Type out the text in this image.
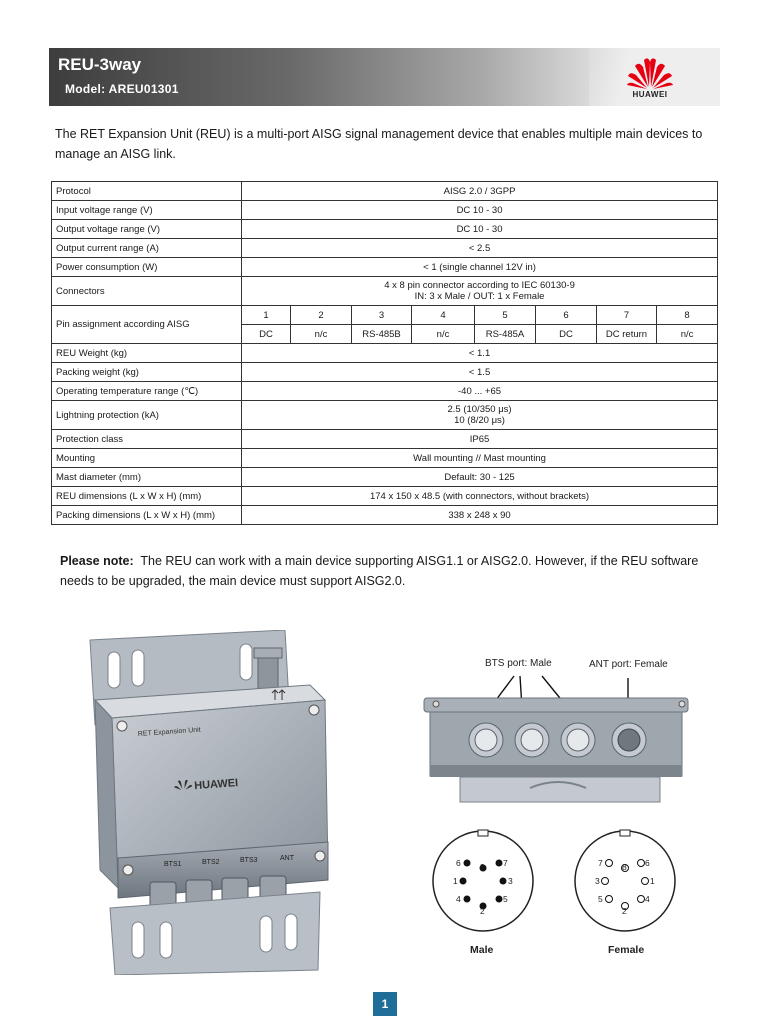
REU-3way
Model: AREU01301	HUAWEI
The RET Expansion Unit (REU) is a multi-port AISG signal management device that enables multiple main devices to manage an AISG link.
Protocol	AISG 2.0 / 3GPP							
Input voltage range (V)	DC 10 - 30							
Output voltage range (V)	DC 10 - 30							
Output current range (A)	< 2.5							
Power consumption (W)	< 1 (single channel 12V in)							
Connectors	4 x 8 pin connector according to IEC 60130-9
IN: 3 x Male / OUT: 1 x Female							

Pin assignment according AISG	1	2	3	4	5	6	7	8
	DC	n/c	RS-485B	n/c	RS-485A	DC	DC return	n/c
REU Weight (kg)	< 1.1							
Packing weight (kg)	< 1.5							
Operating temperature range (℃)	-40 ... +65							
Lightning protection (kA)	2.5 (10/350 μs)
10 (8/20 μs)							

Protection class	IP65							
Mounting	Wall mounting // Mast mounting							
Mast diameter (mm)	Default: 30 - 125							
REU dimensions (L x W x H) (mm)	174 x 150 x 48.5 (with connectors, without brackets)							
Packing dimensions (L x W x H) (mm)	338 x 248 x 90							
Please note: The REU can work with a main device supporting AISG1.1 or AISG2.0. However, if the REU software needs to be upgraded, the main device must support AISG2.0.
RET Expansion Unit
HUAWEI
BTS1	BTS2	BTS3	ANT
BTS port: Male	ANT port: Female
6 8 7
1	3
4	5
2
Male
7 8 6
3	1
5	4
2
Female
1
